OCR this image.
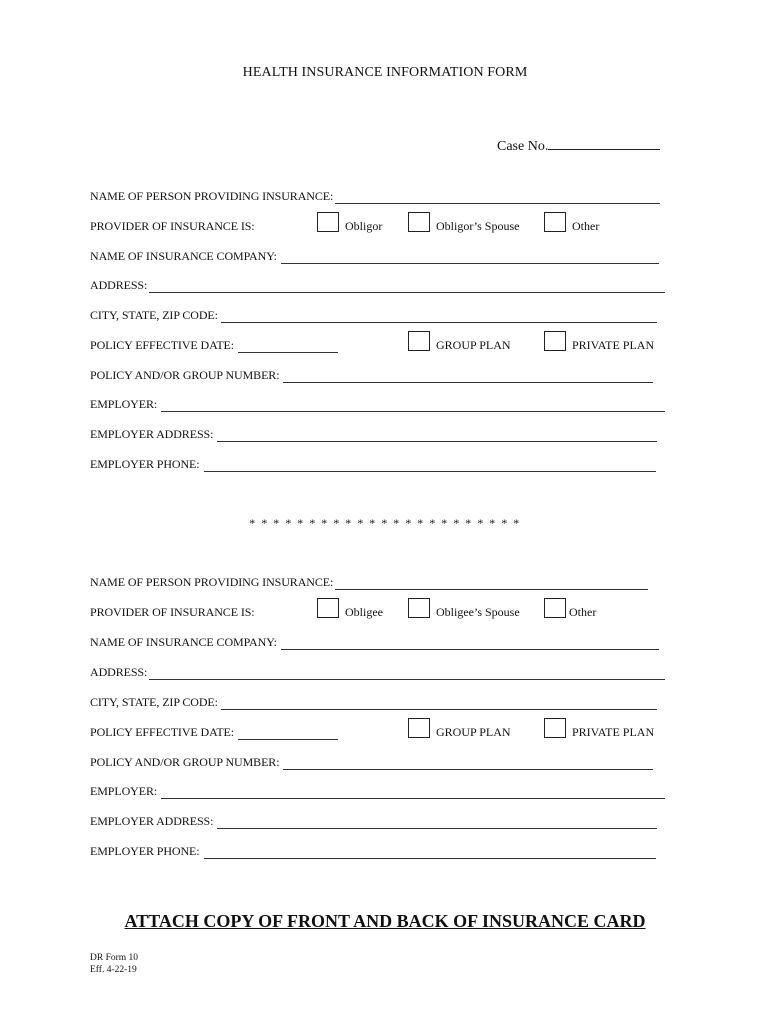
HEALTH INSURANCE INFORMATION FORM
Case No.
NAME OF PERSON PROVIDING INSURANCE:
PROVIDER OF INSURANCE IS:	Obligor	Obligor’s Spouse	Other
NAME OF INSURANCE COMPANY:
ADDRESS:
CITY, STATE, ZIP CODE:
POLICY EFFECTIVE DATE:	GROUP PLAN	PRIVATE PLAN
POLICY AND/OR GROUP NUMBER:
EMPLOYER:
EMPLOYER ADDRESS:
EMPLOYER PHONE:
* * * * * * * * * * * * * * * * * * * * * * *
NAME OF PERSON PROVIDING INSURANCE:
PROVIDER OF INSURANCE IS:	Obligee	Obligee’s Spouse	Other
NAME OF INSURANCE COMPANY:
ADDRESS:
CITY, STATE, ZIP CODE:
POLICY EFFECTIVE DATE:	GROUP PLAN	PRIVATE PLAN
POLICY AND/OR GROUP NUMBER:
EMPLOYER:
EMPLOYER ADDRESS:
EMPLOYER PHONE:
ATTACH COPY OF FRONT AND BACK OF INSURANCE CARD
DR Form 10
Eff. 4-22-19
